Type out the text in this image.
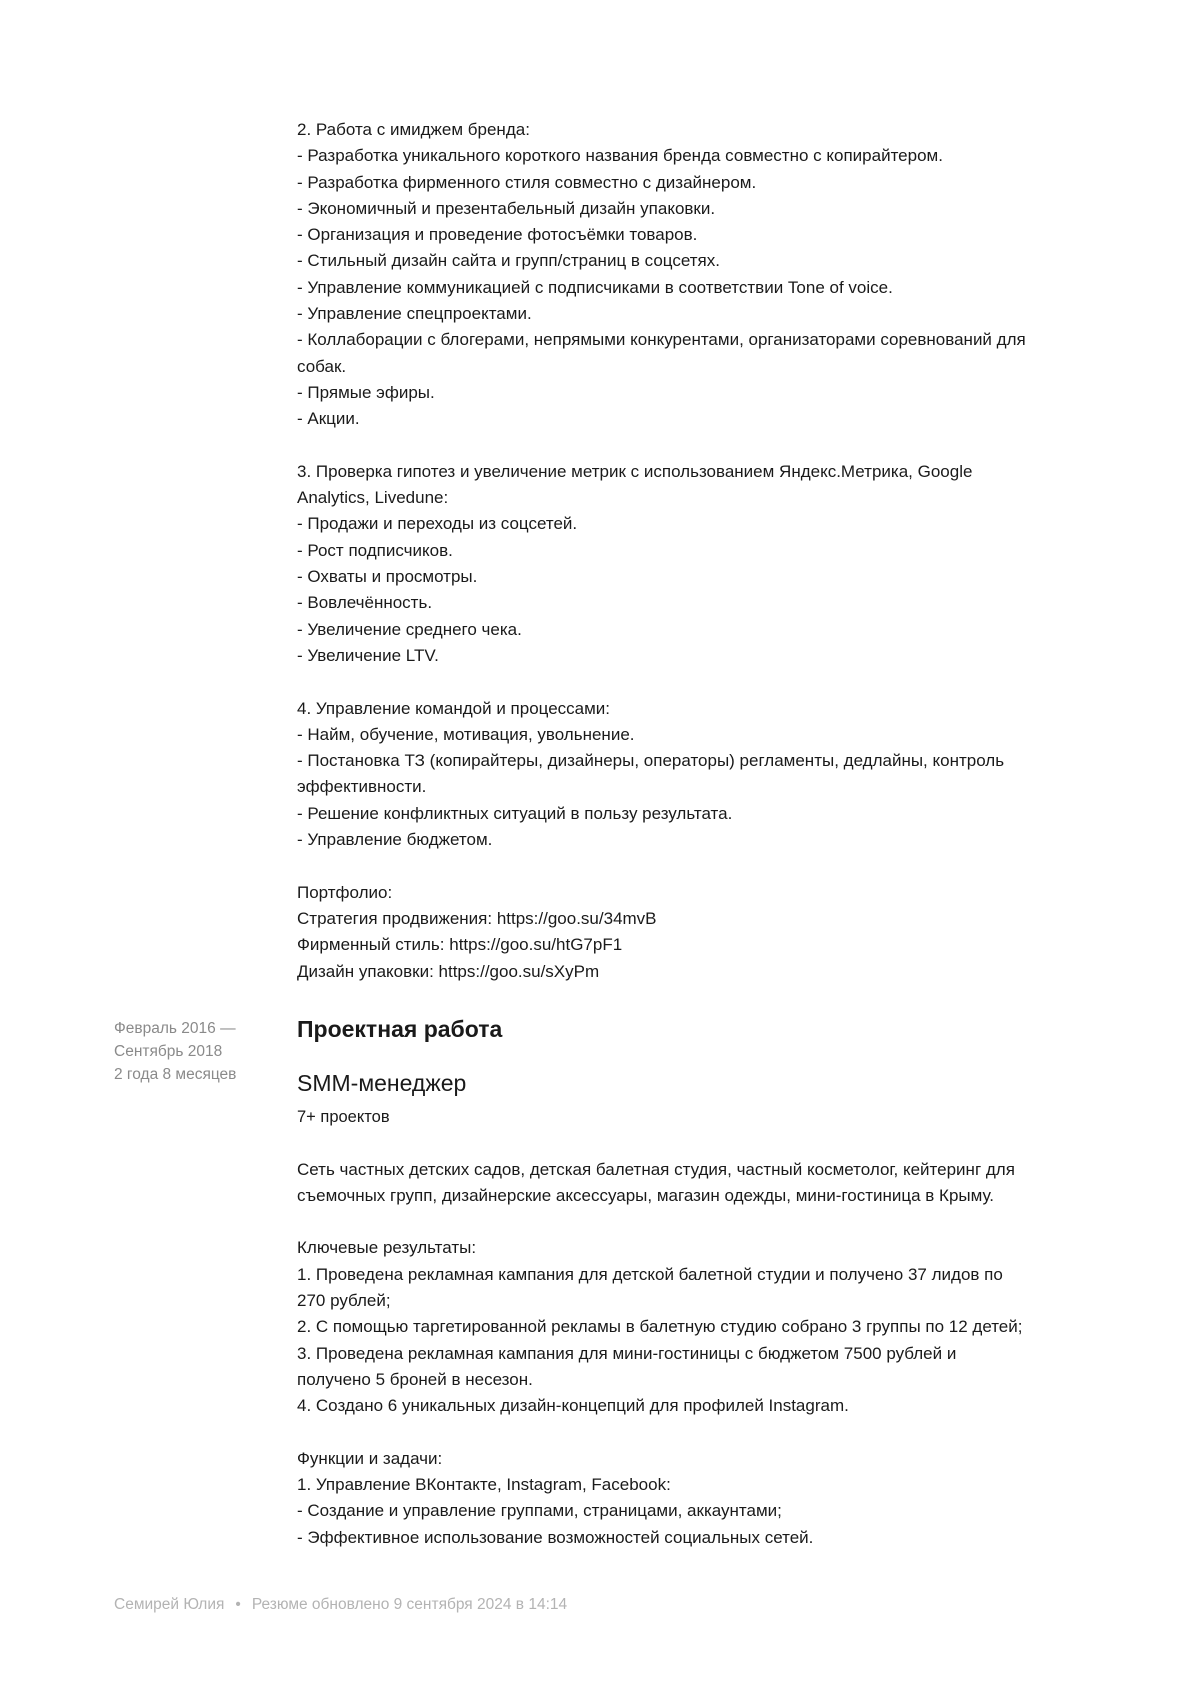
2. Работа с имиджем бренда:
- Разработка уникального короткого названия бренда совместно с копирайтером.
- Разработка фирменного стиля совместно с дизайнером.
- Экономичный и презентабельный дизайн упаковки.
- Организация и проведение фотосъёмки товаров.
- Стильный дизайн сайта и групп/страниц в соцсетях.
- Управление коммуникацией с подписчиками в соответствии Tone of voice.
- Управление спецпроектами.
- Коллаборации с блогерами, непрямыми конкурентами, организаторами соревнований для
собак.
- Прямые эфиры.
- Акции.
3. Проверка гипотез и увеличение метрик с использованием Яндекс.Метрика, Google
Analytics, Livedune:
- Продажи и переходы из соцсетей.
- Рост подписчиков.
- Охваты и просмотры.
- Вовлечённость.
- Увеличение среднего чека.
- Увеличение LTV.
4. Управление командой и процессами:
- Найм, обучение, мотивация, увольнение.
- Постановка ТЗ (копирайтеры, дизайнеры, операторы) регламенты, дедлайны, контроль
эффективности.
- Решение конфликтных ситуаций в пользу результата.
- Управление бюджетом.
Портфолио:
Стратегия продвижения: https://goo.su/34mvB
Фирменный стиль: https://goo.su/htG7pF1
Дизайн упаковки: https://goo.su/sXyPm
Февраль 2016 —
Сентябрь 2018
2 года 8 месяцев
Проектная работа
SMM-менеджер
7+ проектов
Сеть частных детских садов, детская балетная студия, частный косметолог, кейтеринг для
съемочных групп, дизайнерские аксессуары, магазин одежды, мини-гостиница в Крыму.
Ключевые результаты:
1. Проведена рекламная кампания для детской балетной студии и получено 37 лидов по
270 рублей;
2. С помощью таргетированной рекламы в балетную студию собрано 3 группы по 12 детей;
3. Проведена рекламная кампания для мини-гостиницы с бюджетом 7500 рублей и
получено 5 броней в несезон.
4. Создано 6 уникальных дизайн-концепций для профилей Instagram.
Функции и задачи:
1. Управление ВКонтакте, Instagram, Facebook:
- Создание и управление группами, страницами, аккаунтами;
- Эффективное использование возможностей социальных сетей.
Семирей Юлия • Резюме обновлено 9 сентября 2024 в 14:14
